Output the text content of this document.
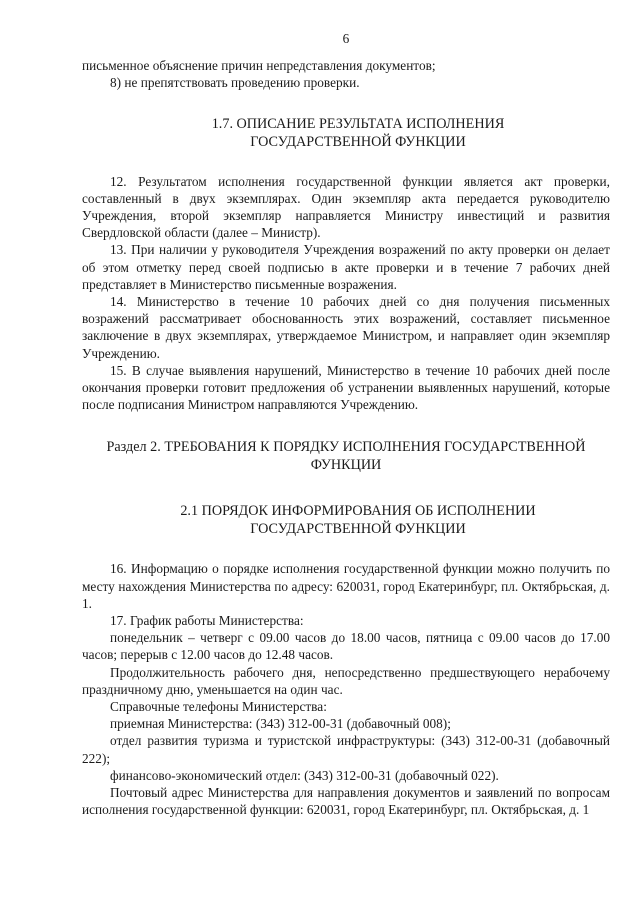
6

письменное объяснение причин непредставления документов;

8) не препятствовать проведению проверки.

1.7. ОПИСАНИЕ РЕЗУЛЬТАТА ИСПОЛНЕНИЯ

ГОСУДАРСТВЕННОЙ ФУНКЦИИ

12. Результатом исполнения государственной функции является акт проверки, составленный в двух экземплярах. Один экземпляр акта передается руководителю Учреждения, второй экземпляр направляется Министру инвестиций и развития Свердловской области (далее – Министр).

13. При наличии у руководителя Учреждения возражений по акту проверки он делает об этом отметку перед своей подписью в акте проверки и в течение 7 рабочих дней представляет в Министерство письменные возражения.

14. Министерство в течение 10 рабочих дней со дня получения письменных возражений рассматривает обоснованность этих возражений, составляет письменное заключение в двух экземплярах, утверждаемое Министром, и направляет один экземпляр Учреждению.

15. В случае выявления нарушений, Министерство в течение 10 рабочих дней после окончания проверки готовит предложения об устранении выявленных нарушений, которые после подписания Министром направляются Учреждению.

Раздел 2. ТРЕБОВАНИЯ К ПОРЯДКУ ИСПОЛНЕНИЯ ГОСУДАРСТВЕННОЙ

ФУНКЦИИ

2.1 ПОРЯДОК ИНФОРМИРОВАНИЯ ОБ ИСПОЛНЕНИИ

ГОСУДАРСТВЕННОЙ ФУНКЦИИ

16. Информацию о порядке исполнения государственной функции можно получить по месту нахождения Министерства по адресу: 620031, город Екатеринбург, пл. Октябрьская, д. 1.

17. График работы Министерства:

понедельник – четверг с 09.00 часов до 18.00 часов, пятница с 09.00 часов до 17.00 часов; перерыв с 12.00 часов до 12.48 часов.

Продолжительность рабочего дня, непосредственно предшествующего нерабочему праздничному дню, уменьшается на один час.

Справочные телефоны Министерства:

приемная Министерства: (343) 312-00-31 (добавочный 008);

отдел развития туризма и туристской инфраструктуры: (343) 312-00-31 (добавочный 222);

финансово-экономический отдел: (343) 312-00-31 (добавочный 022).

Почтовый адрес Министерства для направления документов и заявлений по вопросам исполнения государственной функции: 620031, город Екатеринбург, пл. Октябрьская, д. 1
